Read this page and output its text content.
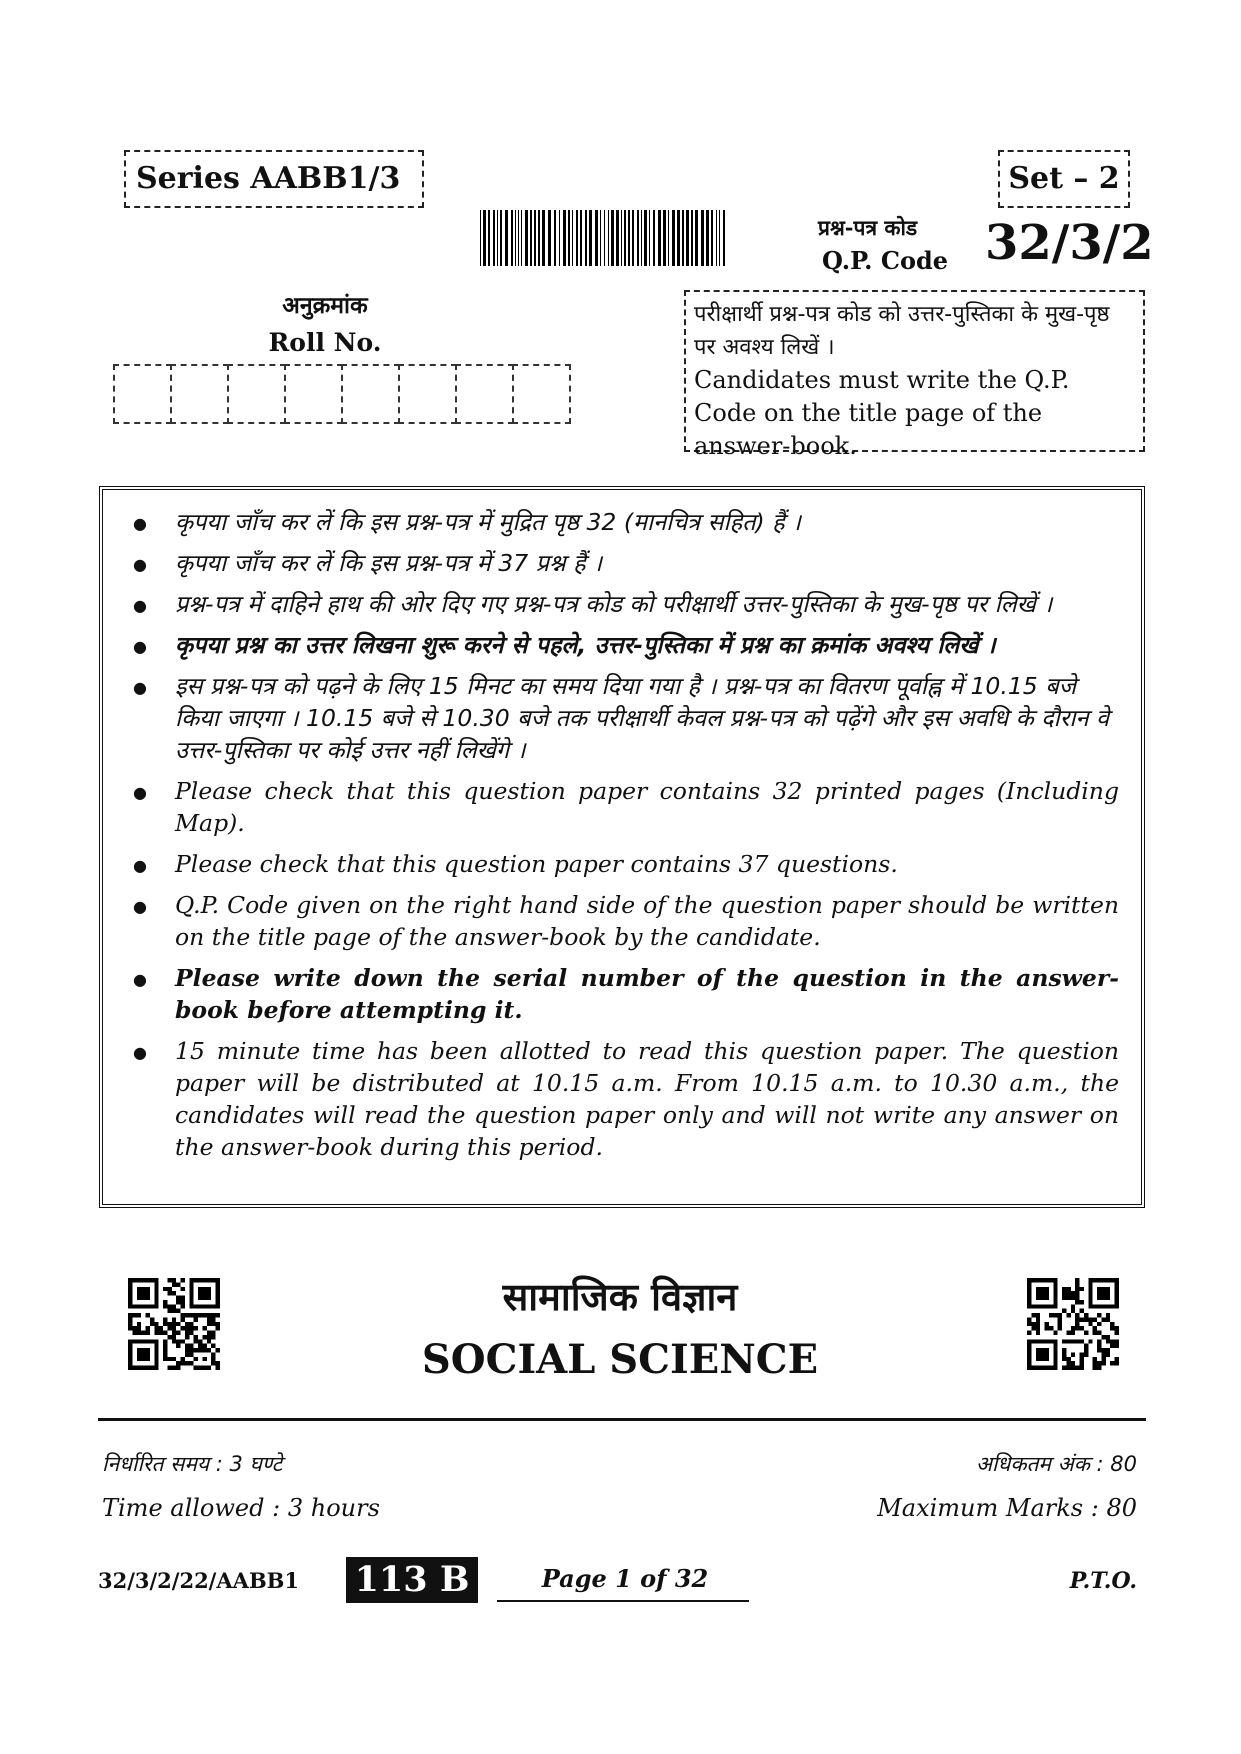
Series AABB1/3	Set – 2
प्रश्न-पत्र कोड
Q.P. Code 32/3/2
अनुक्रमांक
Roll No.
परीक्षार्थी प्रश्न-पत्र कोड को उत्तर-पुस्तिका के मुख-पृष्ठ पर अवश्य लिखें ।
Candidates must write the Q.P. Code on the title page of the answer-book.
● कृपया जाँच कर लें कि इस प्रश्न-पत्र में मुद्रित पृष्ठ 32 (मानचित्र सहित) हैं ।
● कृपया जाँच कर लें कि इस प्रश्न-पत्र में 37 प्रश्न हैं ।
● प्रश्न-पत्र में दाहिने हाथ की ओर दिए गए प्रश्न-पत्र कोड को परीक्षार्थी उत्तर-पुस्तिका के मुख-पृष्ठ पर लिखें ।
● कृपया प्रश्न का उत्तर लिखना शुरू करने से पहले, उत्तर-पुस्तिका में प्रश्न का क्रमांक अवश्य लिखें ।
● इस प्रश्न-पत्र को पढ़ने के लिए 15 मिनट का समय दिया गया है । प्रश्न-पत्र का वितरण पूर्वाह्न में 10.15 बजे किया जाएगा । 10.15 बजे से 10.30 बजे तक परीक्षार्थी केवल प्रश्न-पत्र को पढ़ेंगे और इस अवधि के दौरान वे उत्तर-पुस्तिका पर कोई उत्तर नहीं लिखेंगे ।
● Please check that this question paper contains 32 printed pages (Including Map).
● Please check that this question paper contains 37 questions.
● Q.P. Code given on the right hand side of the question paper should be written on the title page of the answer-book by the candidate.
● Please write down the serial number of the question in the answer-book before attempting it.
● 15 minute time has been allotted to read this question paper. The question paper will be distributed at 10.15 a.m. From 10.15 a.m. to 10.30 a.m., the candidates will read the question paper only and will not write any answer on the answer-book during this period.
सामाजिक विज्ञान
SOCIAL SCIENCE
निर्धारित समय : 3 घण्टे
Time allowed : 3 hours
अधिकतम अंक : 80
Maximum Marks : 80
32/3/2/22/AABB1 113 B	Page 1 of 32	P.T.O.
